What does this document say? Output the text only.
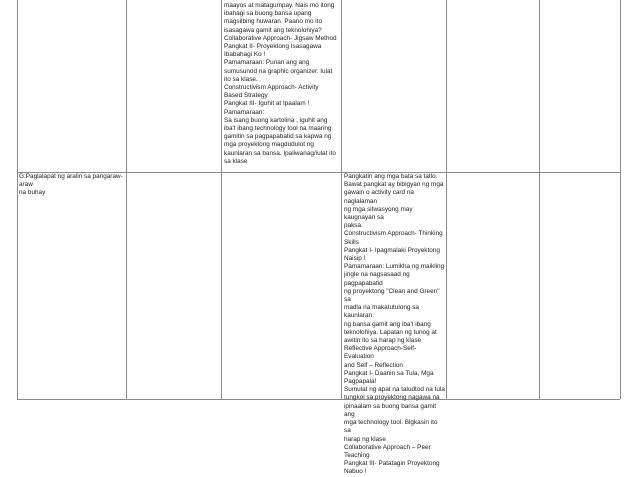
maayos at matagumpay. Nais mo itong
ibahagi sa buong bansa upang
magsilbing huwaran. Paano mo ito
isasagawa gamit ang teknolohiya?
Collaborative Approach- Jigsaw Method
Pangkat II- Proyektong Isasagawa
Ibabahagi Ko !
Pamamaraan: Punan ang ang
sumusunod na graphic organizer. Iulat
ito sa klase.
Constructivism Approach- Activity
Based Strategy
Pangkat III- Iguhit at Ipaalam !
Pamamaraan:
Sa isang buong kartolina , iguhit ang
iba't ibang technology tool na maaring
gamitin sa pagpapabatid sa kapwa ng
mga proyektong magdudulot ng
kaunlaran sa bansa. Ipaliwanag/iulat ito
sa klase
G.Paglalapat ng aralin sa pangaraw-araw
na buhay
Pangkatin ang mga bata sa tatlo.
Bawat pangkat ay bibigyan ng mga
gawain o activity card na naglalaman
ng mga sitwasyong may kaugnayan sa
paksa.
Constructivism Approach- Thinking
Skills
Pangkat I- Ipagmalaki Proyektong
Naisip !
Pamamaraan: Lumikha ng maikling
jingle na nagsasaad ng pagpapabatid
ng proyektong "Clean and Green" sa
madla na makatutulong sa kaunlaran
ng bansa gamit ang iba't ibang
teknolohiya. Lapatan ng tunog at
awitin ito sa harap ng klase
Reflective Approach-Self- Evaluation
and Self – Reflection
Pangkat I- Daanin sa Tula, Mga
Pagpapala!
Sumulat ng apat na taludtod na tula
tungkol sa proyektong nagawa na
ipinaalam sa buong bansa gamit ang
mga technology tool. Bigkasin ito sa
harap ng klase
Collaborative Approach – Peer
Teaching
Pangkat III- Patatagin Proyektong
Nabuo !
